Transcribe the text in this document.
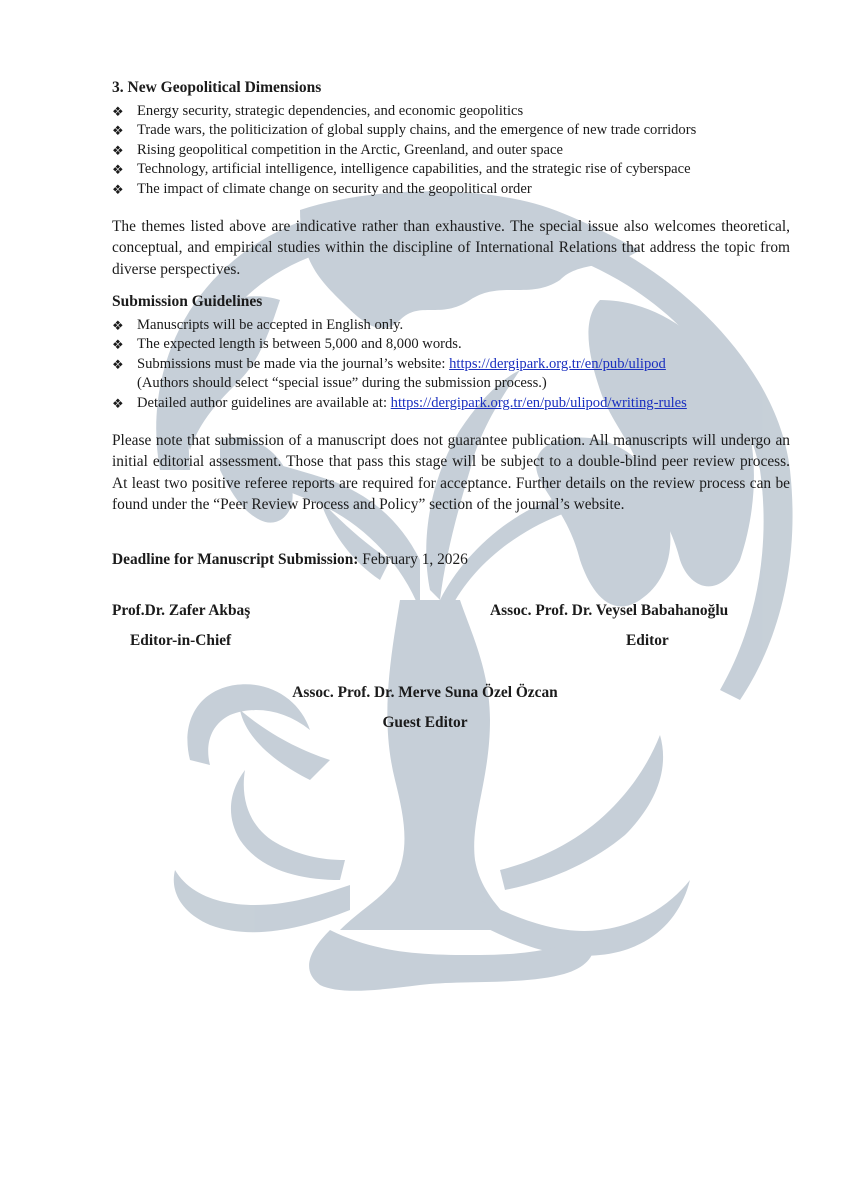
3. New Geopolitical Dimensions
❖ Energy security, strategic dependencies, and economic geopolitics
❖ Trade wars, the politicization of global supply chains, and the emergence of new trade corridors
❖ Rising geopolitical competition in the Arctic, Greenland, and outer space
❖ Technology, artificial intelligence, intelligence capabilities, and the strategic rise of cyberspace
❖ The impact of climate change on security and the geopolitical order

The themes listed above are indicative rather than exhaustive. The special issue also welcomes theoretical, conceptual, and empirical studies within the discipline of International Relations that address the topic from diverse perspectives.

Submission Guidelines
❖ Manuscripts will be accepted in English only.
❖ The expected length is between 5,000 and 8,000 words.
❖ Submissions must be made via the journal’s website: https://dergipark.org.tr/en/pub/ulipod
(Authors should select “special issue” during the submission process.)
❖ Detailed author guidelines are available at: https://dergipark.org.tr/en/pub/ulipod/writing-rules

Please note that submission of a manuscript does not guarantee publication. All manuscripts will undergo an initial editorial assessment. Those that pass this stage will be subject to a double-blind peer review process. At least two positive referee reports are required for acceptance. Further details on the review process can be found under the “Peer Review Process and Policy” section of the journal’s website.

Deadline for Manuscript Submission: February 1, 2026
Prof.Dr. Zafer Akbaş
Editor-in-Chief
Assoc. Prof. Dr. Veysel Babahanoğlu
Editor
Assoc. Prof. Dr. Merve Suna Özel Özcan
Guest Editor
